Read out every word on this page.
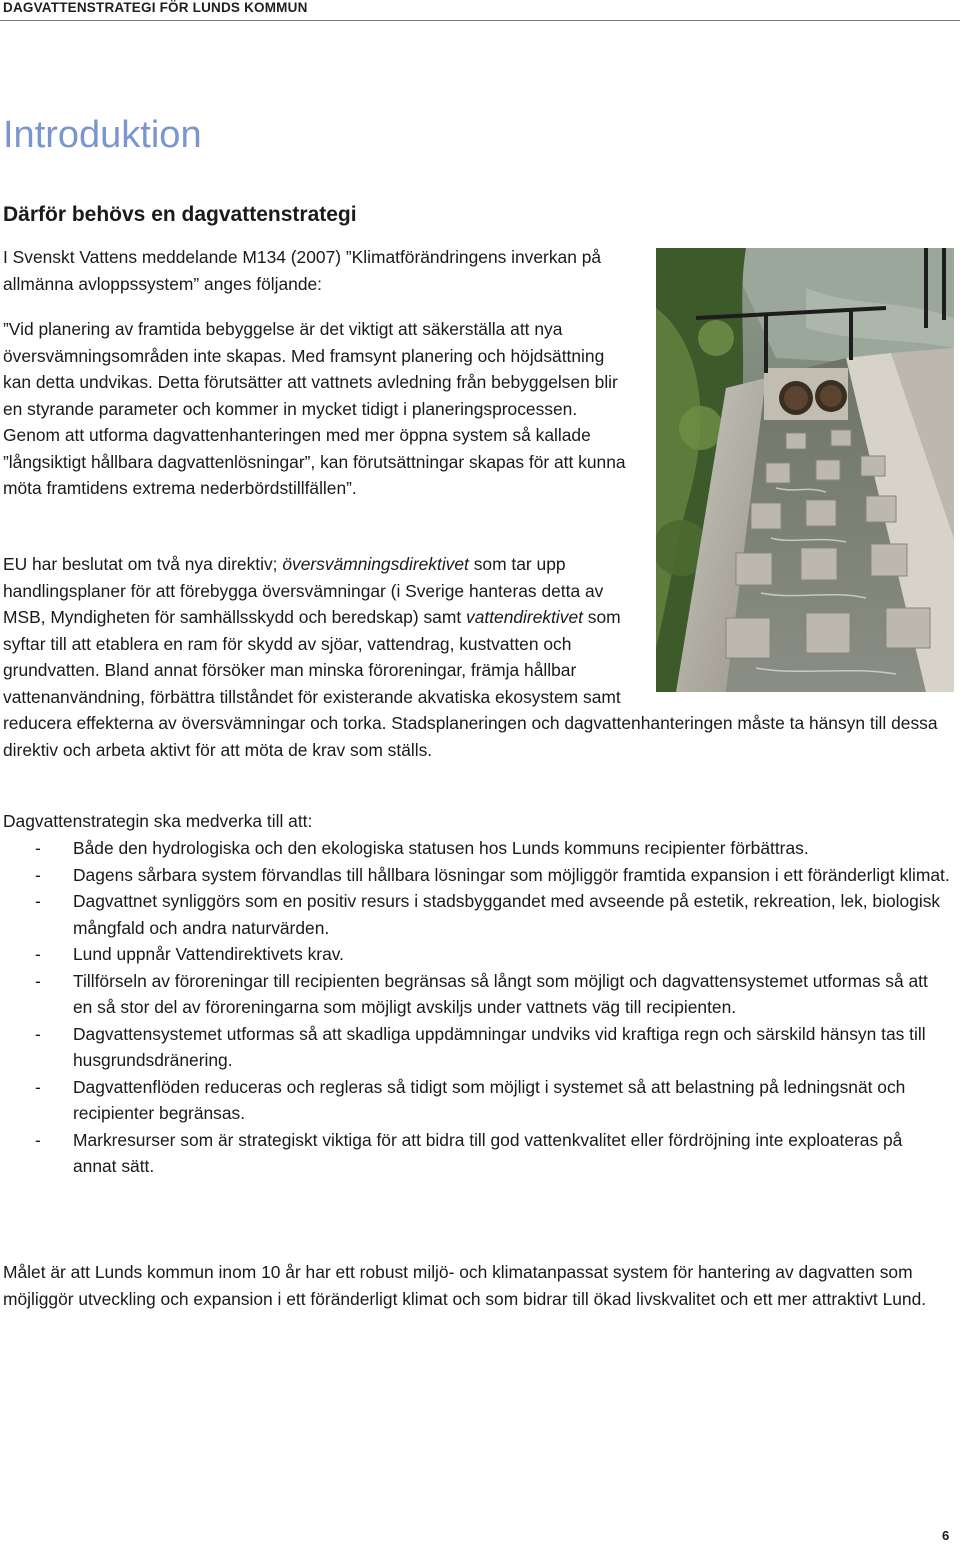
DAGVATTENSTRATEGI FÖR LUNDS KOMMUN
Introduktion
Därför behövs en dagvattenstrategi

I Svenskt Vattens meddelande M134 (2007) ”Klimatförändringens inverkan på allmänna avloppssystem” anges följande:

”Vid planering av framtida bebyggelse är det viktigt att säkerställa att nya översvämningsområden inte skapas. Med framsynt planering och höjdsättning kan detta undvikas. Detta förutsätter att vattnets avledning från bebyggelsen blir en styrande parameter och kommer in mycket tidigt i planeringsprocessen. Genom att utforma dagvattenhanteringen med mer öppna system så kallade ”långsiktigt hållbara dagvattenlösningar”, kan förutsättningar skapas för att kunna möta framtidens extrema nederbördstillfällen”.

EU har beslutat om två nya direktiv; översvämningsdirektivet som tar upp handlingsplaner för att förebygga översvämningar (i Sverige hanteras detta av MSB, Myndigheten för samhällsskydd och beredskap) samt vattendirektivet som syftar till att etablera en ram för skydd av sjöar, vattendrag, kustvatten och grundvatten. Bland annat försöker man minska föroreningar, främja hållbar vattenanvändning, förbättra tillståndet för existerande akvatiska ekosystem samt reducera effekterna av översvämningar och torka. Stadsplaneringen och dagvattenhanteringen måste ta hänsyn till dessa direktiv och arbeta aktivt för att möta de krav som ställs.

Dagvattenstrategin ska medverka till att:

- Både den hydrologiska och den ekologiska statusen hos Lunds kommuns recipienter förbättras.
- Dagens sårbara system förvandlas till hållbara lösningar som möjliggör framtida expansion i ett föränderligt klimat.
- Dagvattnet synliggörs som en positiv resurs i stadsbyggandet med avseende på estetik, rekreation, lek, biologisk mångfald och andra naturvärden.
- Lund uppnår Vattendirektivets krav.
- Tillförseln av föroreningar till recipienten begränsas så långt som möjligt och dagvattensystemet utformas så att en så stor del av föroreningarna som möjligt avskiljs under vattnets väg till recipienten.
- Dagvattensystemet utformas så att skadliga uppdämningar undviks vid kraftiga regn och särskild hänsyn tas till husgrundsdränering.
- Dagvattenflöden reduceras och regleras så tidigt som möjligt i systemet så att belastning på ledningsnät och recipienter begränsas.
- Markresurser som är strategiskt viktiga för att bidra till god vattenkvalitet eller fördröjning inte exploateras på annat sätt.

Målet är att Lunds kommun inom 10 år har ett robust miljö- och klimatanpassat system för hantering av dagvatten som möjliggör utveckling och expansion i ett föränderligt klimat och som bidrar till ökad livskvalitet och ett mer attraktivt Lund.

6
